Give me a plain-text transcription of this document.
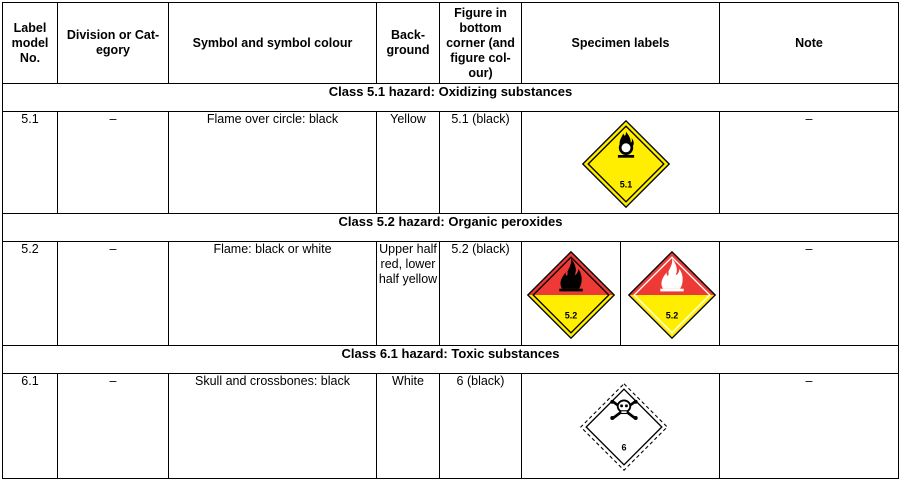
Label model No.	Division or Cat-egory	Symbol and symbol colour	Back-ground	Figure in bottom corner (and figure col-our)	Specimen labels		Note
Class 5.1 hazard: Oxidizing substances							
5.1	–	Flame over circle: black	Yellow	5.1 (black)	5.1		–
Class 5.2 hazard: Organic peroxides							
5.2	–	Flame: black or white	Upper half red, lower half yellow	5.2 (black)	5.2	5.2	–
Class 6.1 hazard: Toxic substances							
6.1	–	Skull and crossbones: black	White	6 (black)	6		–
